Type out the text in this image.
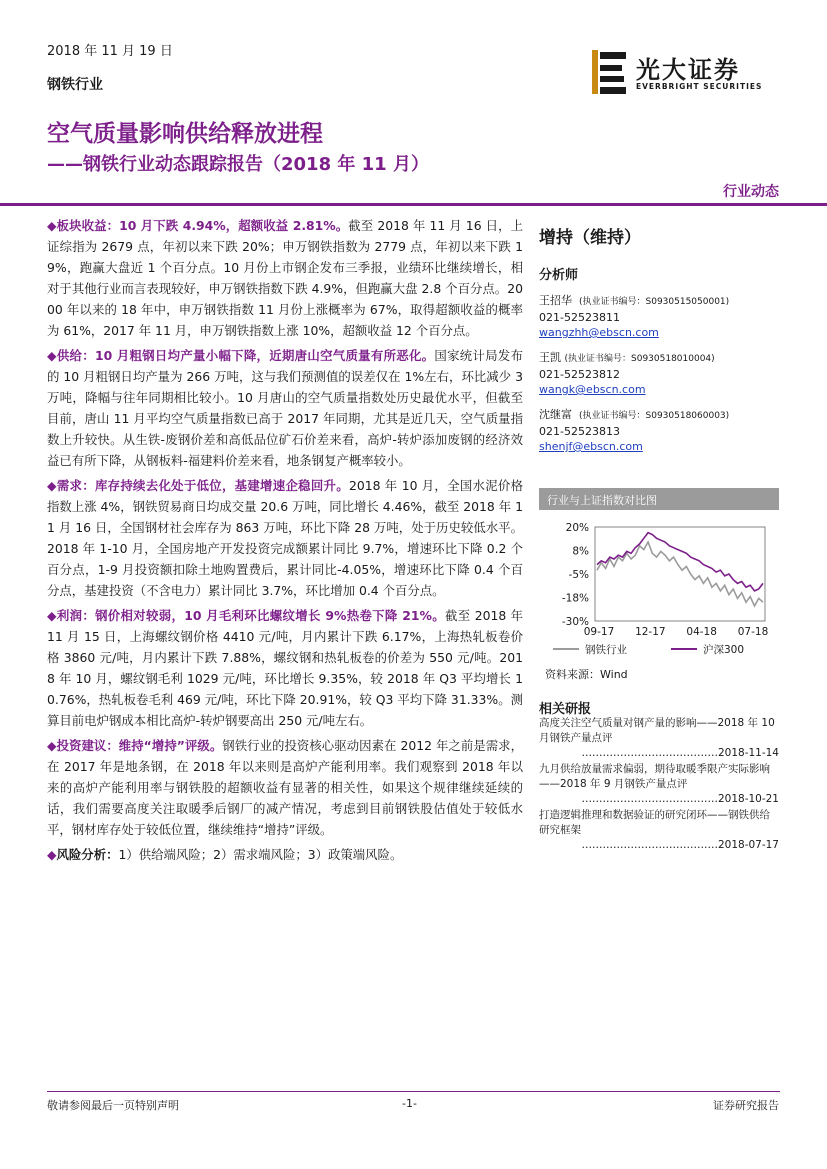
2018 年 11 月 19 日
钢铁行业
光大证券
EVERBRIGHT SECURITIES
空气质量影响供给释放进程
——钢铁行业动态跟踪报告（2018 年 11 月）
行业动态

◆板块收益：10 月下跌 4.94%，超额收益 2.81%。截至 2018 年 11 月 16 日，上证综指为 2679 点，年初以来下跌 20%；申万钢铁指数为 2779 点，年初以来下跌 19%，跑赢大盘近 1 个百分点。10 月份上市钢企发布三季报，业绩环比继续增长，相对于其他行业而言表现较好，申万钢铁指数下跌 4.9%，但跑赢大盘 2.8 个百分点。2000 年以来的 18 年中，申万钢铁指数 11 月份上涨概率为 67%，取得超额收益的概率为 61%，2017 年 11 月，申万钢铁指数上涨 10%，超额收益 12 个百分点。

◆供给：10 月粗钢日均产量小幅下降，近期唐山空气质量有所恶化。国家统计局发布的 10 月粗钢日均产量为 266 万吨，这与我们预测值的误差仅在 1%左右，环比减少 3 万吨，降幅与往年同期相比较小。10 月唐山的空气质量指数处历史最优水平，但截至目前，唐山 11 月平均空气质量指数已高于 2017 年同期，尤其是近几天，空气质量指数上升较快。从生铁-废钢价差和高低品位矿石价差来看，高炉-转炉添加废钢的经济效益已有所下降，从钢板料-福建料价差来看，地条钢复产概率较小。

◆需求：库存持续去化处于低位，基建增速企稳回升。2018 年 10 月，全国水泥价格指数上涨 4%，钢铁贸易商日均成交量 20.6 万吨，同比增长 4.46%，截至 2018 年 11 月 16 日，全国钢材社会库存为 863 万吨，环比下降 28 万吨，处于历史较低水平。2018 年 1-10 月，全国房地产开发投资完成额累计同比 9.7%，增速环比下降 0.2 个百分点，1-9 月投资额扣除土地购置费后，累计同比-4.05%，增速环比下降 0.4 个百分点，基建投资（不含电力）累计同比 3.7%，环比增加 0.4 个百分点。

◆利润：钢价相对较弱，10 月毛利环比螺纹增长 9%热卷下降 21%。截至 2018 年 11 月 15 日，上海螺纹钢价格 4410 元/吨，月内累计下跌 6.17%，上海热轧板卷价格 3860 元/吨，月内累计下跌 7.88%，螺纹钢和热轧板卷的价差为 550 元/吨。2018 年 10 月，螺纹钢毛利 1029 元/吨，环比增长 9.35%，较 2018 年 Q3 平均增长 10.76%，热轧板卷毛利 469 元/吨，环比下降 20.91%，较 Q3 平均下降 31.33%。测算目前电炉钢成本相比高炉-转炉钢要高出 250 元/吨左右。

◆投资建议：维持“增持”评级。钢铁行业的投资核心驱动因素在 2012 年之前是需求，在 2017 年是地条钢，在 2018 年以来则是高炉产能利用率。我们观察到 2018 年以来的高炉产能利用率与钢铁股的超额收益有显著的相关性，如果这个规律继续延续的话，我们需要高度关注取暖季后钢厂的减产情况，考虑到目前钢铁股估值处于较低水平，钢材库存处于较低位置，继续维持“增持”评级。

◆风险分析：1）供给端风险；2）需求端风险；3）政策端风险。

增持（维持）
分析师
王招华 (执业证书编号：S0930515050001)
021-52523811
wangzhh@ebscn.com
王凯 (执业证书编号：S0930518010004)
021-52523812
wangk@ebscn.com
沈继富 (执业证书编号：S0930518060003)
021-52523813
shenjf@ebscn.com
行业与上证指数对比图
20%
8%
-5%
-18%
-30%
09-17 12-17 04-18 07-18
钢铁行业	沪深300
资料来源：Wind
相关研报
高度关注空气质量对钢产量的影响——2018 年 10 月钢铁产量点评
…………………………………2018-11-14
九月供给放量需求偏弱，期待取暖季限产实际影响——2018 年 9 月钢铁产量点评
…………………………………2018-10-21
打造逻辑推理和数据验证的研究闭环——钢铁供给研究框架
…………………………………2018-07-17
敬请参阅最后一页特别声明	-1-	证券研究报告
